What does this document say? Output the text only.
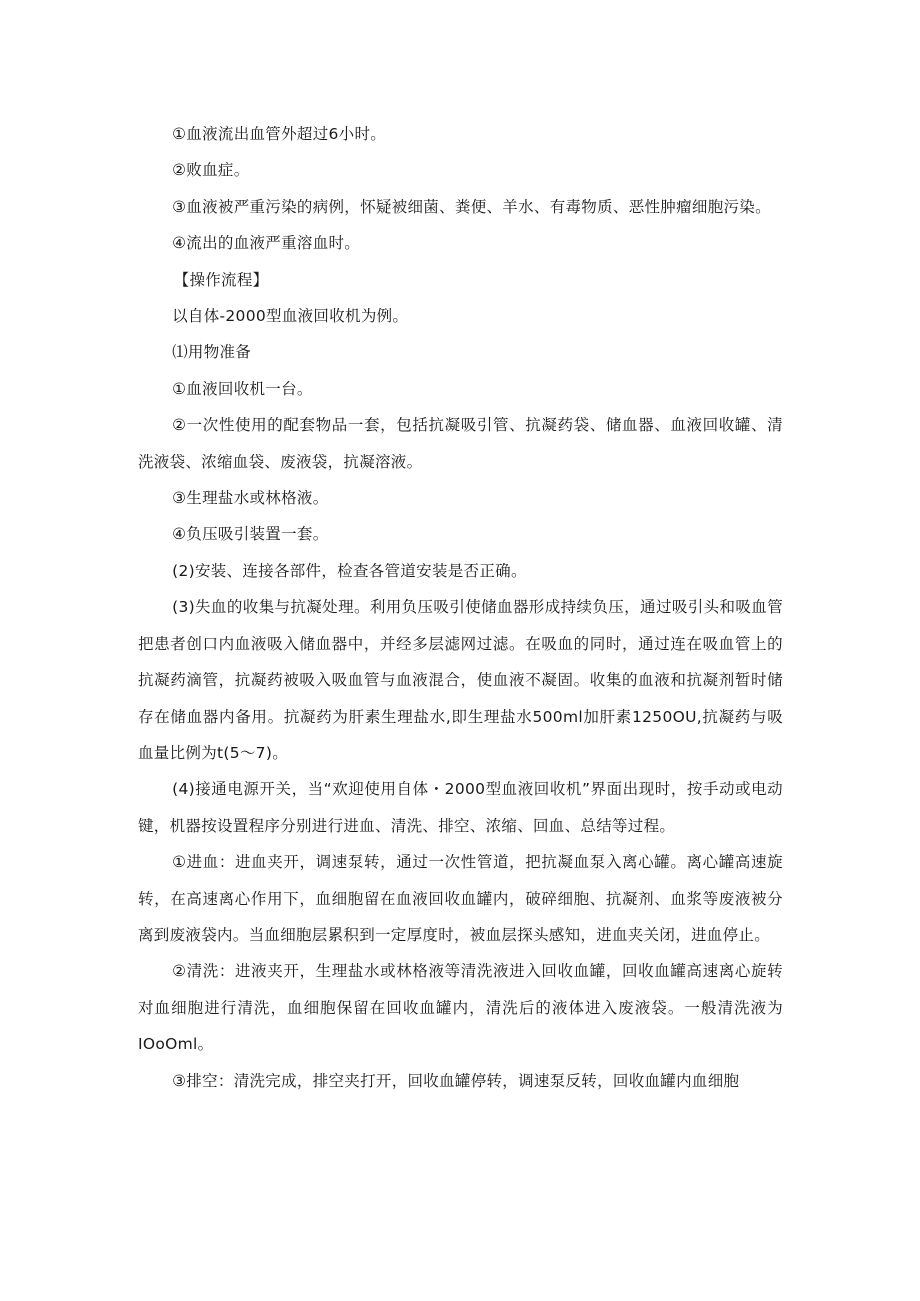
①血液流出血管外超过6小时。

②败血症。

③血液被严重污染的病例，怀疑被细菌、粪便、羊水、有毒物质、恶性肿瘤细胞污染。

④流出的血液严重溶血时。

【操作流程】

以自体-2000型血液回收机为例。

⑴用物准备

①血液回收机一台。

②一次性使用的配套物品一套，包括抗凝吸引管、抗凝药袋、储血器、血液回收罐、清洗液袋、浓缩血袋、废液袋，抗凝溶液。

③生理盐水或林格液。

④负压吸引装置一套。

(2)安装、连接各部件，检查各管道安装是否正确。

(3)失血的收集与抗凝处理。利用负压吸引使储血器形成持续负压，通过吸引头和吸血管把患者创口内血液吸入储血器中，并经多层滤网过滤。在吸血的同时，通过连在吸血管上的抗凝药滴管，抗凝药被吸入吸血管与血液混合，使血液不凝固。收集的血液和抗凝剂暂时储存在储血器内备用。抗凝药为肝素生理盐水,即生理盐水500ml加肝素1250OU,抗凝药与吸血量比例为t(5〜7)。

(4)接通电源开关，当“欢迎使用自体・2000型血液回收机”界面出现时，按手动或电动键，机器按设置程序分别进行进血、清洗、排空、浓缩、回血、总结等过程。

①进血：进血夹开，调速泵转，通过一次性管道，把抗凝血泵入离心罐。离心罐高速旋转，在高速离心作用下，血细胞留在血液回收血罐内，破碎细胞、抗凝剂、血浆等废液被分离到废液袋内。当血细胞层累积到一定厚度时，被血层探头感知，进血夹关闭，进血停止。

②清洗：进液夹开，生理盐水或林格液等清洗液进入回收血罐，回收血罐高速离心旋转对血细胞进行清洗，血细胞保留在回收血罐内，清洗后的液体进入废液袋。一般清洗液为IOoOml。

③排空：清洗完成，排空夹打开，回收血罐停转，调速泵反转，回收血罐内血细胞
